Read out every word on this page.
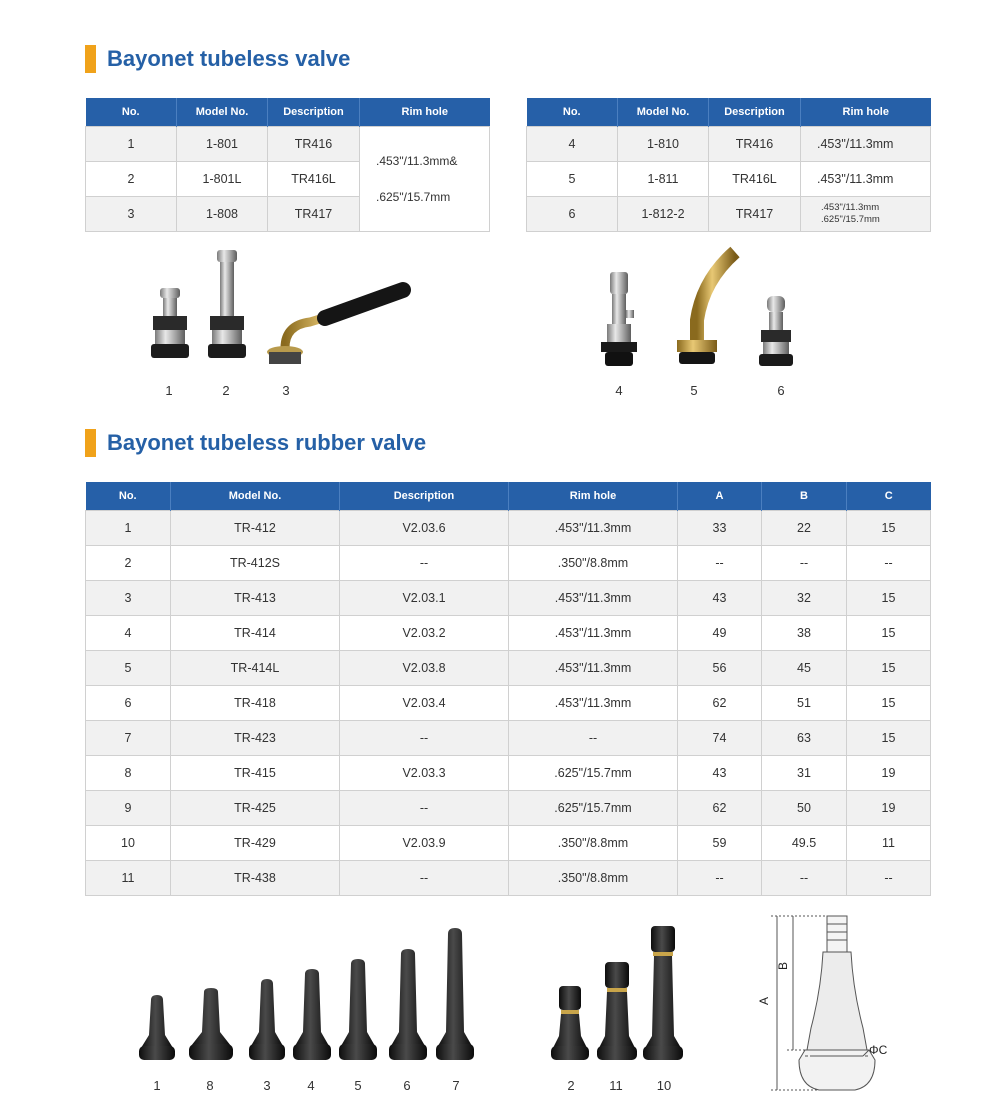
Bayonet tubeless valve
No.	Model No.	Description	Rim hole
1	1-801	TR416	.453"/11.3mm&
.625"/15.7mm

2	1-801L	TR416L	
3	1-808	TR417	
No.	Model No.	Description	Rim hole
4	1-810	TR416	.453"/11.3mm
5	1-811	TR416L	.453"/11.3mm
6	1-812-2	TR417	.453"/11.3mm
.625"/15.7mm
1	2	3	4	5	6
Bayonet tubeless rubber valve
No.	Model No.	Description	Rim hole	A	B	C
1	TR-412	V2.03.6	.453"/11.3mm	33	22	15
2	TR-412S	--	.350"/8.8mm	--	--	--
3	TR-413	V2.03.1	.453"/11.3mm	43	32	15
4	TR-414	V2.03.2	.453"/11.3mm	49	38	15
5	TR-414L	V2.03.8	.453"/11.3mm	56	45	15
6	TR-418	V2.03.4	.453"/11.3mm	62	51	15
7	TR-423	--	--	74	63	15
8	TR-415	V2.03.3	.625"/15.7mm	43	31	19
9	TR-425	--	.625"/15.7mm	62	50	19
10	TR-429	V2.03.9	.350"/8.8mm	59	49.5	11
11	TR-438	--	.350"/8.8mm	--	--	--
1	8	3	4	5	6	7	2	11	10
A
B
ΦC
